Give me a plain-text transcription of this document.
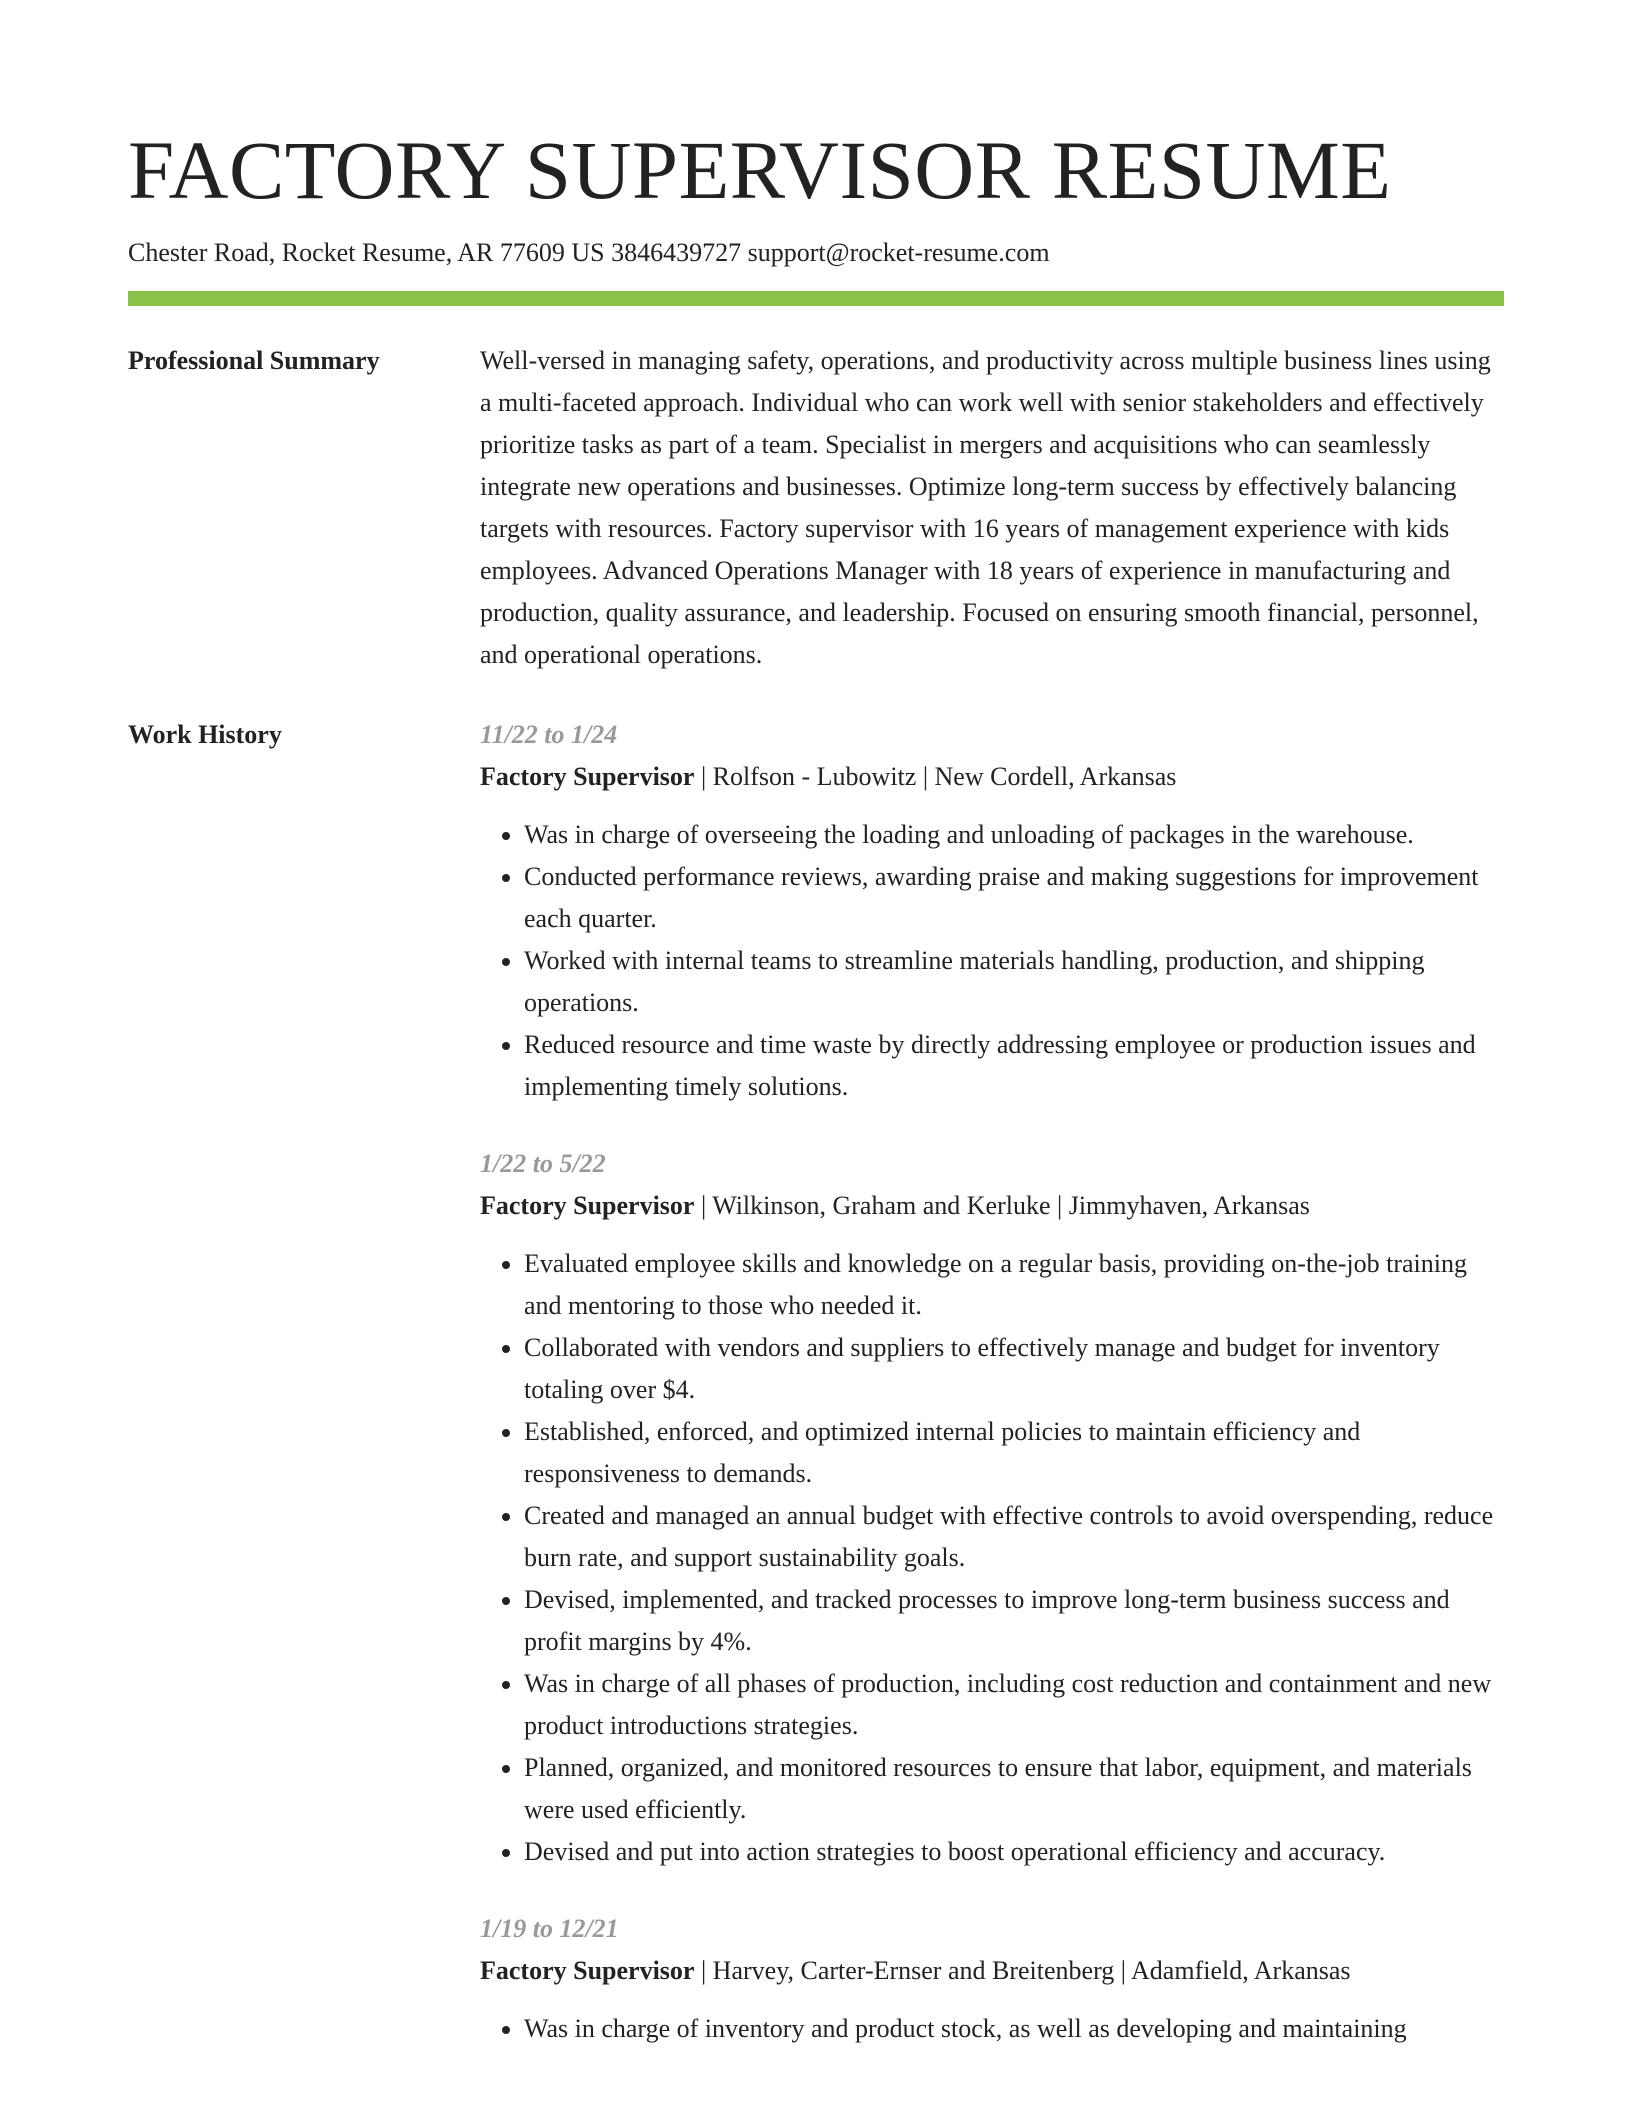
FACTORY SUPERVISOR RESUME
Chester Road, Rocket Resume, AR 77609 US 3846439727 support@rocket-resume.com
Professional Summary	Well-versed in managing safety, operations, and productivity across multiple business lines using a multi-faceted approach. Individual who can work well with senior stakeholders and effectively prioritize tasks as part of a team. Specialist in mergers and acquisitions who can seamlessly integrate new operations and businesses. Optimize long-term success by effectively balancing targets with resources. Factory supervisor with 16 years of management experience with kids employees. Advanced Operations Manager with 18 years of experience in manufacturing and production, quality assurance, and leadership. Focused on ensuring smooth financial, personnel, and operational operations.

Work History	11/22 to 1/24
Factory Supervisor | Rolfson - Lubowitz | New Cordell, Arkansas
• Was in charge of overseeing the loading and unloading of packages in the warehouse.
• Conducted performance reviews, awarding praise and making suggestions for improvement each quarter.
• Worked with internal teams to streamline materials handling, production, and shipping operations.
• Reduced resource and time waste by directly addressing employee or production issues and implementing timely solutions.
1/22 to 5/22
Factory Supervisor | Wilkinson, Graham and Kerluke | Jimmyhaven, Arkansas
• Evaluated employee skills and knowledge on a regular basis, providing on-the-job training and mentoring to those who needed it.
• Collaborated with vendors and suppliers to effectively manage and budget for inventory totaling over $4.
• Established, enforced, and optimized internal policies to maintain efficiency and responsiveness to demands.
• Created and managed an annual budget with effective controls to avoid overspending, reduce burn rate, and support sustainability goals.
• Devised, implemented, and tracked processes to improve long-term business success and profit margins by 4%.
• Was in charge of all phases of production, including cost reduction and containment and new product introductions strategies.
• Planned, organized, and monitored resources to ensure that labor, equipment, and materials were used efficiently.
• Devised and put into action strategies to boost operational efficiency and accuracy.
1/19 to 12/21
Factory Supervisor | Harvey, Carter-Ernser and Breitenberg | Adamfield, Arkansas
• Was in charge of inventory and product stock, as well as developing and maintaining
